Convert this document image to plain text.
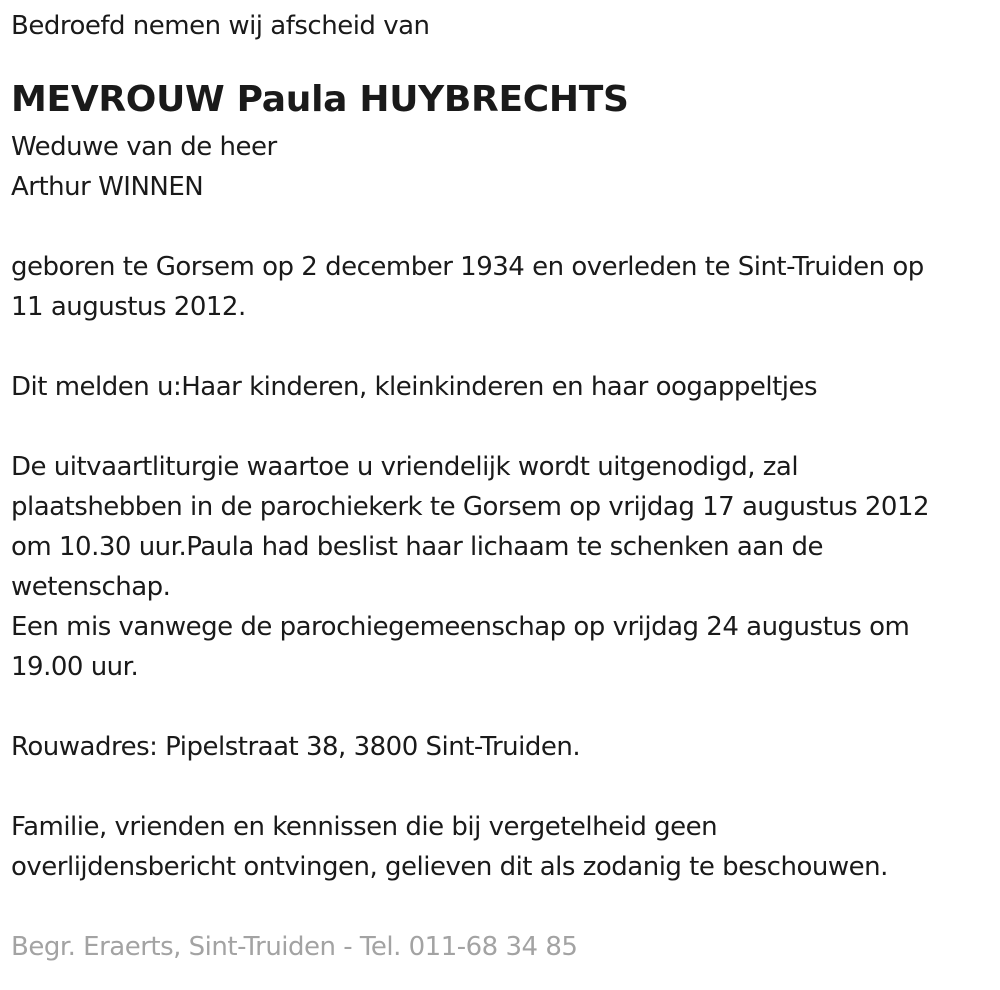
Bedroefd nemen wij afscheid van

MEVROUW Paula HUYBRECHTS

Weduwe van de heer

Arthur WINNEN

geboren te Gorsem op 2 december 1934 en overleden te Sint-Truiden op

11 augustus 2012.

Dit melden u:Haar kinderen, kleinkinderen en haar oogappeltjes

De uitvaartliturgie waartoe u vriendelijk wordt uitgenodigd, zal

plaatshebben in de parochiekerk te Gorsem op vrijdag 17 augustus 2012

om 10.30 uur.Paula had beslist haar lichaam te schenken aan de

wetenschap.

Een mis vanwege de parochiegemeenschap op vrijdag 24 augustus om

19.00 uur.

Rouwadres: Pipelstraat 38, 3800 Sint-Truiden.

Familie, vrienden en kennissen die bij vergetelheid geen

overlijdensbericht ontvingen, gelieven dit als zodanig te beschouwen.

Begr. Eraerts, Sint-Truiden - Tel. 011-68 34 85
